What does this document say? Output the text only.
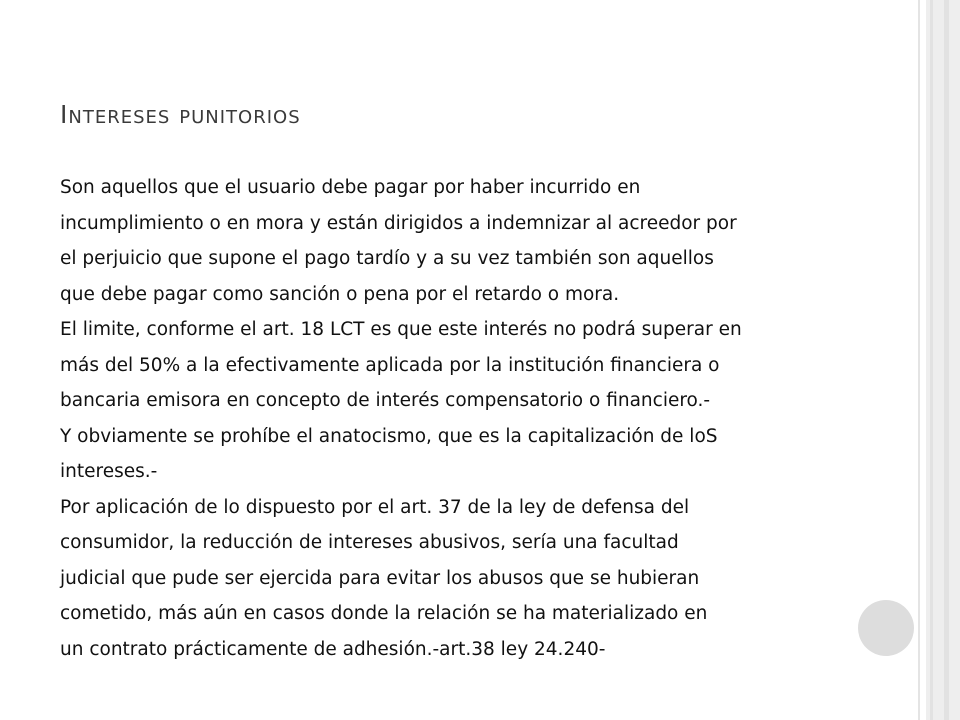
Intereses punitorios
Son aquellos que el usuario debe pagar por haber incurrido en
incumplimiento o en mora y están dirigidos a indemnizar al acreedor por
el perjuicio que supone el pago tardío y a su vez también son aquellos
que debe pagar como sanción o pena por el retardo o mora.
El limite, conforme el art. 18 LCT es que este interés no podrá superar en
más del 50% a la efectivamente aplicada por la institución financiera o
bancaria emisora en concepto de interés compensatorio o financiero.-
Y obviamente se prohíbe el anatocismo, que es la capitalización de loS
intereses.-
Por aplicación de lo dispuesto por el art. 37 de la ley de defensa del
consumidor, la reducción de intereses abusivos, sería una facultad
judicial que pude ser ejercida para evitar los abusos que se hubieran
cometido, más aún en casos donde la relación se ha materializado en
un contrato prácticamente de adhesión.-art.38 ley 24.240-
